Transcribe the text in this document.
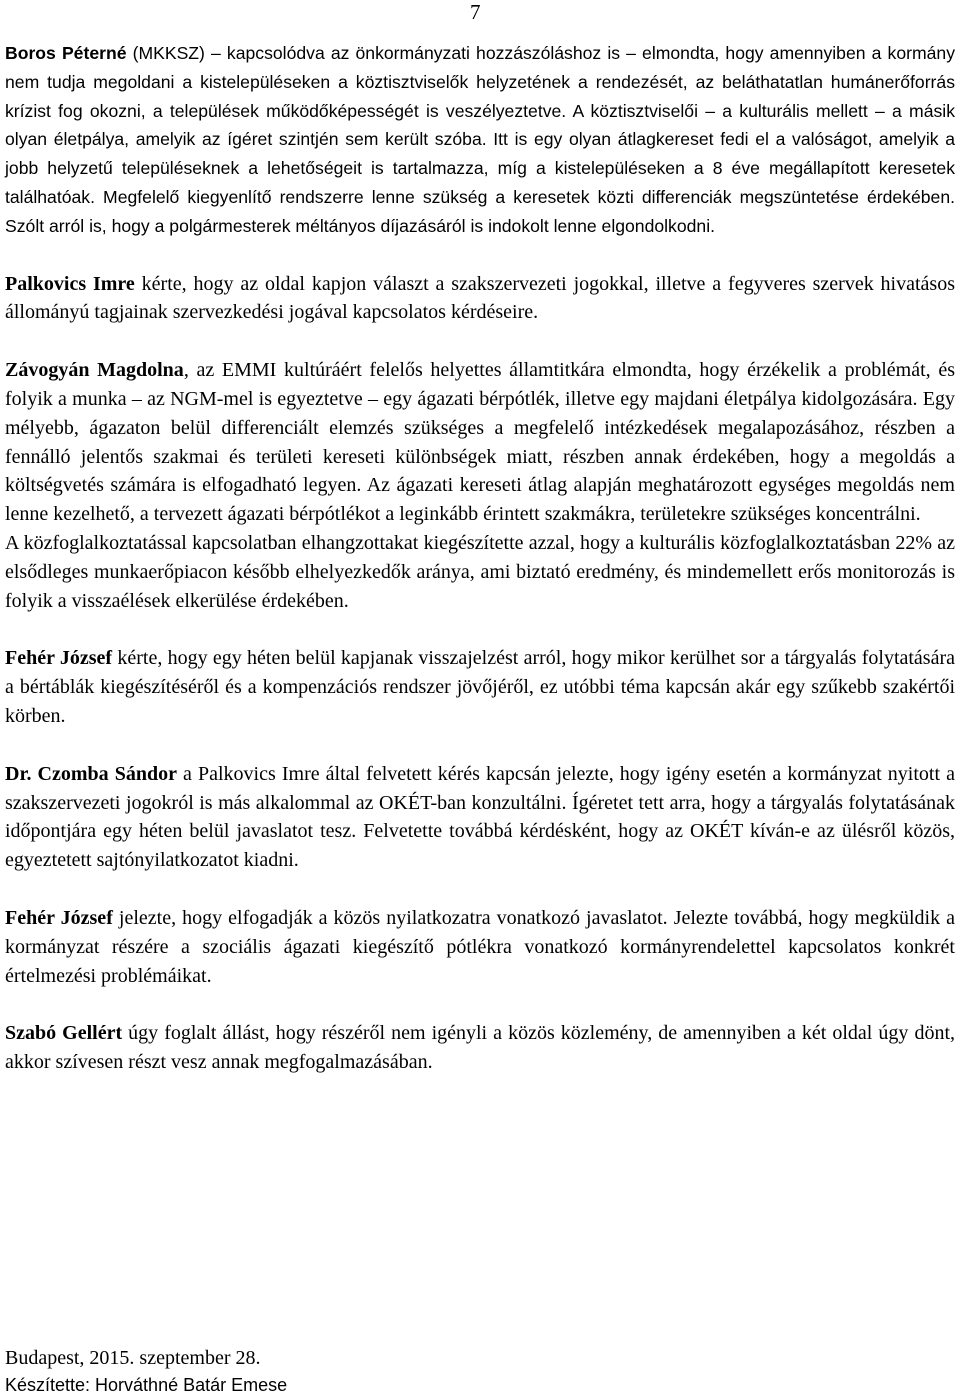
7

Boros Péterné (MKKSZ) – kapcsolódva az önkormányzati hozzászóláshoz is – elmondta, hogy amennyiben a kormány nem tudja megoldani a kistelepüléseken a köztisztviselők helyzetének a rendezését, az beláthatatlan humánerőforrás krízist fog okozni, a települések működőképességét is veszélyeztetve. A köztisztviselői – a kulturális mellett – a másik olyan életpálya, amelyik az ígéret szintjén sem került szóba. Itt is egy olyan átlagkereset fedi el a valóságot, amelyik a jobb helyzetű településeknek a lehetőségeit is tartalmazza, míg a kistelepüléseken a 8 éve megállapított keresetek találhatóak. Megfelelő kiegyenlítő rendszerre lenne szükség a keresetek közti differenciák megszüntetése érdekében. Szólt arról is, hogy a polgármesterek méltányos díjazásáról is indokolt lenne elgondolkodni.

Palkovics Imre kérte, hogy az oldal kapjon választ a szakszervezeti jogokkal, illetve a fegyveres szervek hivatásos állományú tagjainak szervezkedési jogával kapcsolatos kérdéseire.

Závogyán Magdolna, az EMMI kultúráért felelős helyettes államtitkára elmondta, hogy érzékelik a problémát, és folyik a munka – az NGM-mel is egyeztetve – egy ágazati bérpótlék, illetve egy majdani életpálya kidolgozására. Egy mélyebb, ágazaton belül differenciált elemzés szükséges a megfelelő intézkedések megalapozásához, részben a fennálló jelentős szakmai és területi kereseti különbségek miatt, részben annak érdekében, hogy a megoldás a költségvetés számára is elfogadható legyen. Az ágazati kereseti átlag alapján meghatározott egységes megoldás nem lenne kezelhető, a tervezett ágazati bérpótlékot a leginkább érintett szakmákra, területekre szükséges koncentrálni.

A közfoglalkoztatással kapcsolatban elhangzottakat kiegészítette azzal, hogy a kulturális közfoglalkoztatásban 22% az elsődleges munkaerőpiacon később elhelyezkedők aránya, ami biztató eredmény, és mindemellett erős monitorozás is folyik a visszaélések elkerülése érdekében.

Fehér József kérte, hogy egy héten belül kapjanak visszajelzést arról, hogy mikor kerülhet sor a tárgyalás folytatására a bértáblák kiegészítéséről és a kompenzációs rendszer jövőjéről, ez utóbbi téma kapcsán akár egy szűkebb szakértői körben.

Dr. Czomba Sándor a Palkovics Imre által felvetett kérés kapcsán jelezte, hogy igény esetén a kormányzat nyitott a szakszervezeti jogokról is más alkalommal az OKÉT-ban konzultálni. Ígéretet tett arra, hogy a tárgyalás folytatásának időpontjára egy héten belül javaslatot tesz. Felvetette továbbá kérdésként, hogy az OKÉT kíván-e az ülésről közös, egyeztetett sajtónyilatkozatot kiadni.

Fehér József jelezte, hogy elfogadják a közös nyilatkozatra vonatkozó javaslatot. Jelezte továbbá, hogy megküldik a kormányzat részére a szociális ágazati kiegészítő pótlékra vonatkozó kormányrendelettel kapcsolatos konkrét értelmezési problémáikat.

Szabó Gellért úgy foglalt állást, hogy részéről nem igényli a közös közlemény, de amennyiben a két oldal úgy dönt, akkor szívesen részt vesz annak megfogalmazásában.

Budapest, 2015. szeptember 28.

Készítette: Horváthné Batár Emese
